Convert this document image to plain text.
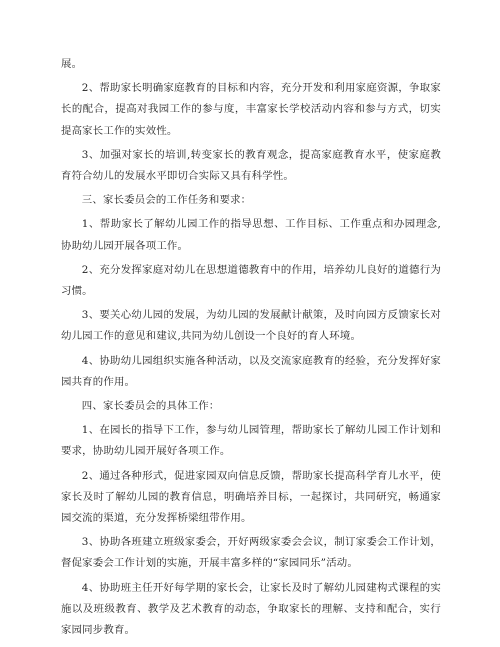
展。

2、帮助家长明确家庭教育的目标和内容，充分开发和利用家庭资源，争取家长的配合，提高对我园工作的参与度，丰富家长学校活动内容和参与方式，切实提高家长工作的实效性。

3、加强对家长的培训,转变家长的教育观念，提高家庭教育水平，使家庭教育符合幼儿的发展水平即切合实际又具有科学性。

三、家长委员会的工作任务和要求：

1、帮助家长了解幼儿园工作的指导思想、工作目标、工作重点和办园理念,协助幼儿园开展各项工作。

2、充分发挥家庭对幼儿在思想道德教育中的作用，培养幼儿良好的道德行为习惯。

3、要关心幼儿园的发展，为幼儿园的发展献计献策，及时向园方反馈家长对幼儿园工作的意见和建议,共同为幼儿创设一个良好的育人环境。

4、协助幼儿园组织实施各种活动，以及交流家庭教育的经验，充分发挥好家园共育的作用。

四、家长委员会的具体工作：

1、在园长的指导下工作，参与幼儿园管理，帮助家长了解幼儿园工作计划和要求，协助幼儿园开展好各项工作。

2、通过各种形式，促进家园双向信息反馈，帮助家长提高科学育儿水平，使家长及时了解幼儿园的教育信息，明确培养目标，一起探讨，共同研究，畅通家园交流的渠道，充分发挥桥梁纽带作用。

3、协助各班建立班级家委会，开好两级家委会会议，制订家委会工作计划，督促家委会工作计划的实施，开展丰富多样的“家园同乐”活动。

4、协助班主任开好每学期的家长会，让家长及时了解幼儿园建构式课程的实施以及班级教育、教学及艺术教育的动态，争取家长的理解、支持和配合，实行家园同步教育。
